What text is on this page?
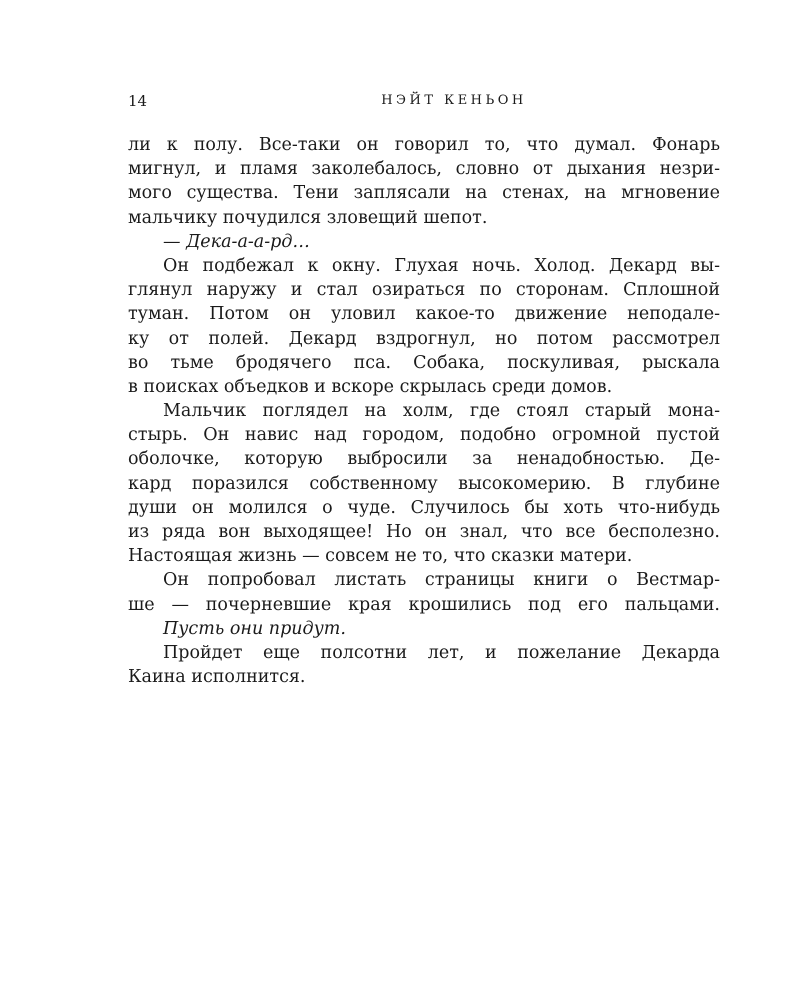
14	НЭЙТ КЕНЬОН
ли к полу. Все-таки он говорил то, что думал. Фонарь
мигнул, и пламя заколебалось, словно от дыхания незри-
мого существа. Тени заплясали на стенах, на мгновение
мальчику почудился зловещий шепот.
— Дека-а-а-рд…
Он подбежал к окну. Глухая ночь. Холод. Декард вы-
глянул наружу и стал озираться по сторонам. Сплошной
туман. Потом он уловил какое-то движение неподале-
ку от полей. Декард вздрогнул, но потом рассмотрел
во тьме бродячего пса. Собака, поскуливая, рыскала
в поисках объедков и вскоре скрылась среди домов.
Мальчик поглядел на холм, где стоял старый мона-
стырь. Он навис над городом, подобно огромной пустой
оболочке, которую выбросили за ненадобностью. Де-
кард поразился собственному высокомерию. В глубине
души он молился о чуде. Случилось бы хоть что-нибудь
из ряда вон выходящее! Но он знал, что все бесполезно.
Настоящая жизнь — совсем не то, что сказки матери.
Он попробовал листать страницы книги о Вестмар-
ше — почерневшие края крошились под его пальцами.
Пусть они придут.
Пройдет еще полсотни лет, и пожелание Декарда
Каина исполнится.
